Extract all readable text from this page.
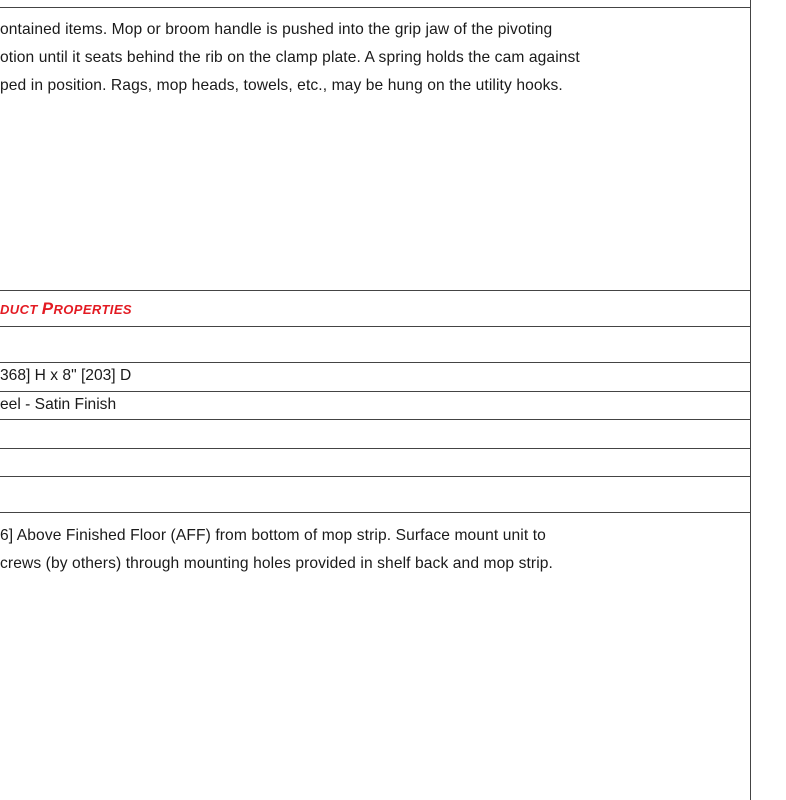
ontained items. Mop or broom handle is pushed into the grip jaw of the pivoting
otion until it seats behind the rib on the clamp plate. A spring holds the cam against
ped in position. Rags, mop heads, towels, etc., may be hung on the utility hooks.
DUCT PROPERTIES
368] H x 8" [203] D
eel - Satin Finish
6] Above Finished Floor (AFF) from bottom of mop strip. Surface mount unit to
crews (by others) through mounting holes provided in shelf back and mop strip.
